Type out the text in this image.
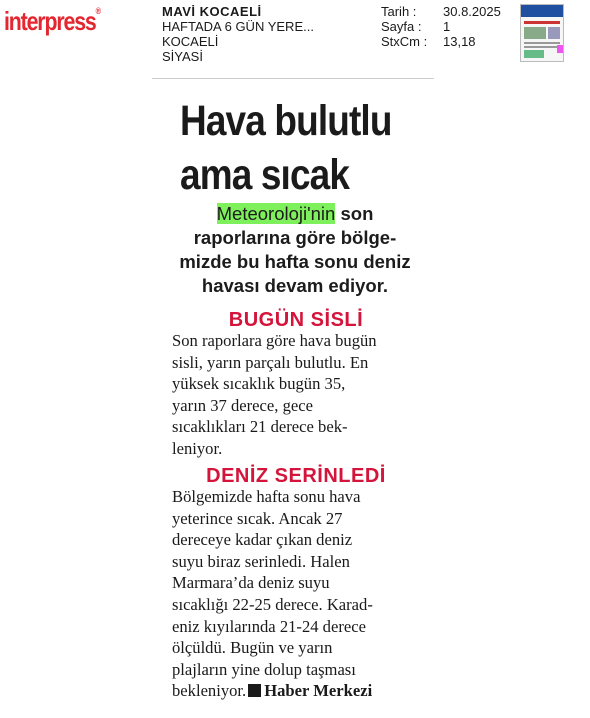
interpress®	MAVİ KOCAELİ
HAFTADA 6 GÜN YERE...
KOCAELİ
SİYASİ
Tarih :	30.8.2025
Sayfa :	1
StxCm :	13,18
Hava bulutlu
ama sıcak
Meteoroloji'nin son
raporlarına göre bölge-
mizde bu hafta sonu deniz
havası devam ediyor.
BUGÜN SİSLİ
Son raporlara göre hava bugün
sisli, yarın parçalı bulutlu. En
yüksek sıcaklık bugün 35,
yarın 37 derece, gece
sıcaklıkları 21 derece bek-
leniyor.
DENİZ SERİNLEDİ
Bölgemizde hafta sonu hava
yeterince sıcak. Ancak 27
dereceye kadar çıkan deniz
suyu biraz serinledi. Halen
Marmara’da deniz suyu
sıcaklığı 22-25 derece. Karad-
eniz kıyılarında 21-24 derece
ölçüldü. Bugün ve yarın
plajların yine dolup taşması
bekleniyor. Haber Merkezi
